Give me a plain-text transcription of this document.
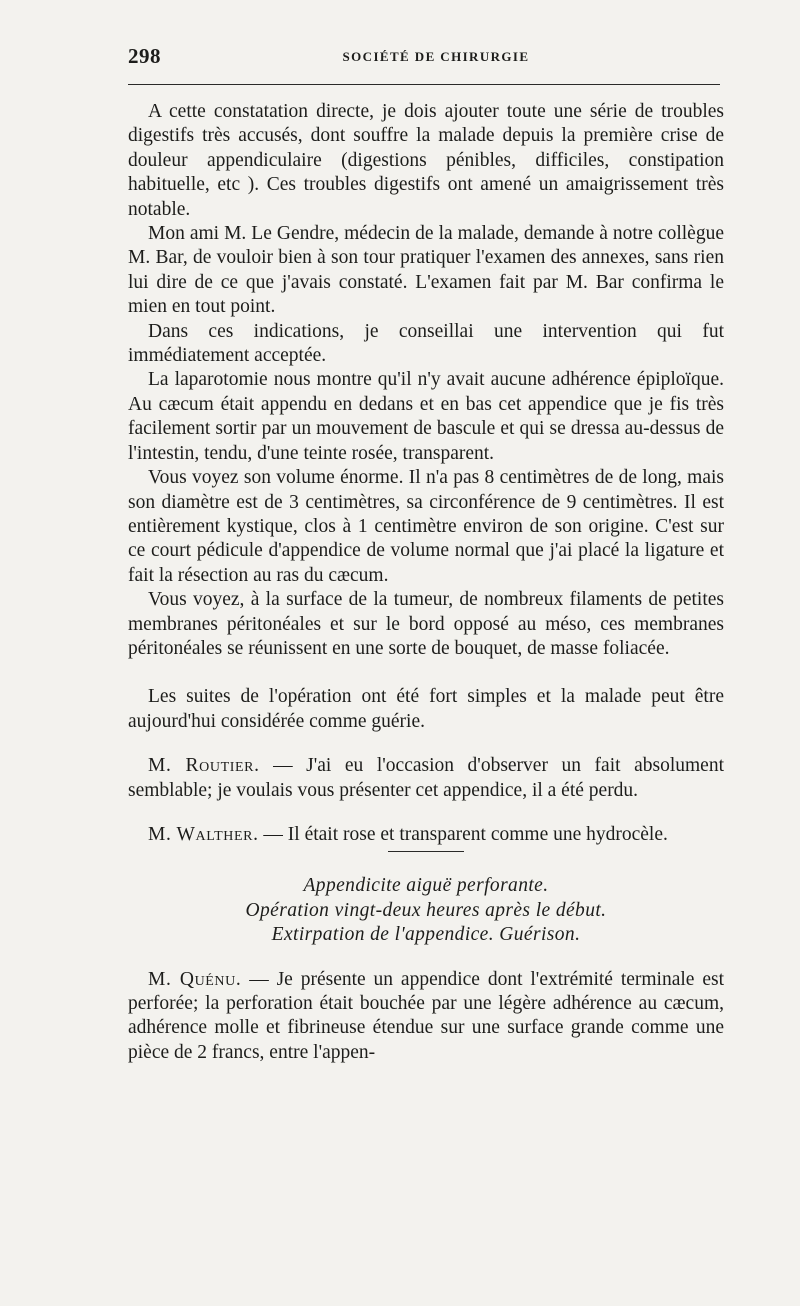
298	SOCIÉTÉ DE CHIRURGIE

A cette constatation directe, je dois ajouter toute une série de troubles digestifs très accusés, dont souffre la malade depuis la première crise de douleur appendiculaire (digestions pénibles, difficiles, constipation habituelle, etc ). Ces troubles digestifs ont amené un amaigrissement très notable.

Mon ami M. Le Gendre, médecin de la malade, demande à notre collègue M. Bar, de vouloir bien à son tour pratiquer l'examen des annexes, sans rien lui dire de ce que j'avais constaté. L'examen fait par M. Bar confirma le mien en tout point.

Dans ces indications, je conseillai une intervention qui fut immédiatement acceptée.

La laparotomie nous montre qu'il n'y avait aucune adhérence épiploïque. Au cæcum était appendu en dedans et en bas cet appendice que je fis très facilement sortir par un mouvement de bascule et qui se dressa au-dessus de l'intestin, tendu, d'une teinte rosée, transparent.

Vous voyez son volume énorme. Il n'a pas 8 centimètres de de long, mais son diamètre est de 3 centimètres, sa circonférence de 9 centimètres. Il est entièrement kystique, clos à 1 centimètre environ de son origine. C'est sur ce court pédicule d'appendice de volume normal que j'ai placé la ligature et fait la résection au ras du cæcum.

Vous voyez, à la surface de la tumeur, de nombreux filaments de petites membranes péritonéales et sur le bord opposé au méso, ces membranes péritonéales se réunissent en une sorte de bouquet, de masse foliacée.

Les suites de l'opération ont été fort simples et la malade peut être aujourd'hui considérée comme guérie.

M. Routier. — J'ai eu l'occasion d'observer un fait absolument semblable; je voulais vous présenter cet appendice, il a été perdu.

M. Walther. — Il était rose et transparent comme une hydrocèle.

Appendicite aiguë perforante.
Opération vingt-deux heures après le début.
Extirpation de l'appendice. Guérison.

M. Quénu. — Je présente un appendice dont l'extrémité terminale est perforée; la perforation était bouchée par une légère adhérence au cæcum, adhérence molle et fibrineuse étendue sur une surface grande comme une pièce de 2 francs, entre l'appen-
